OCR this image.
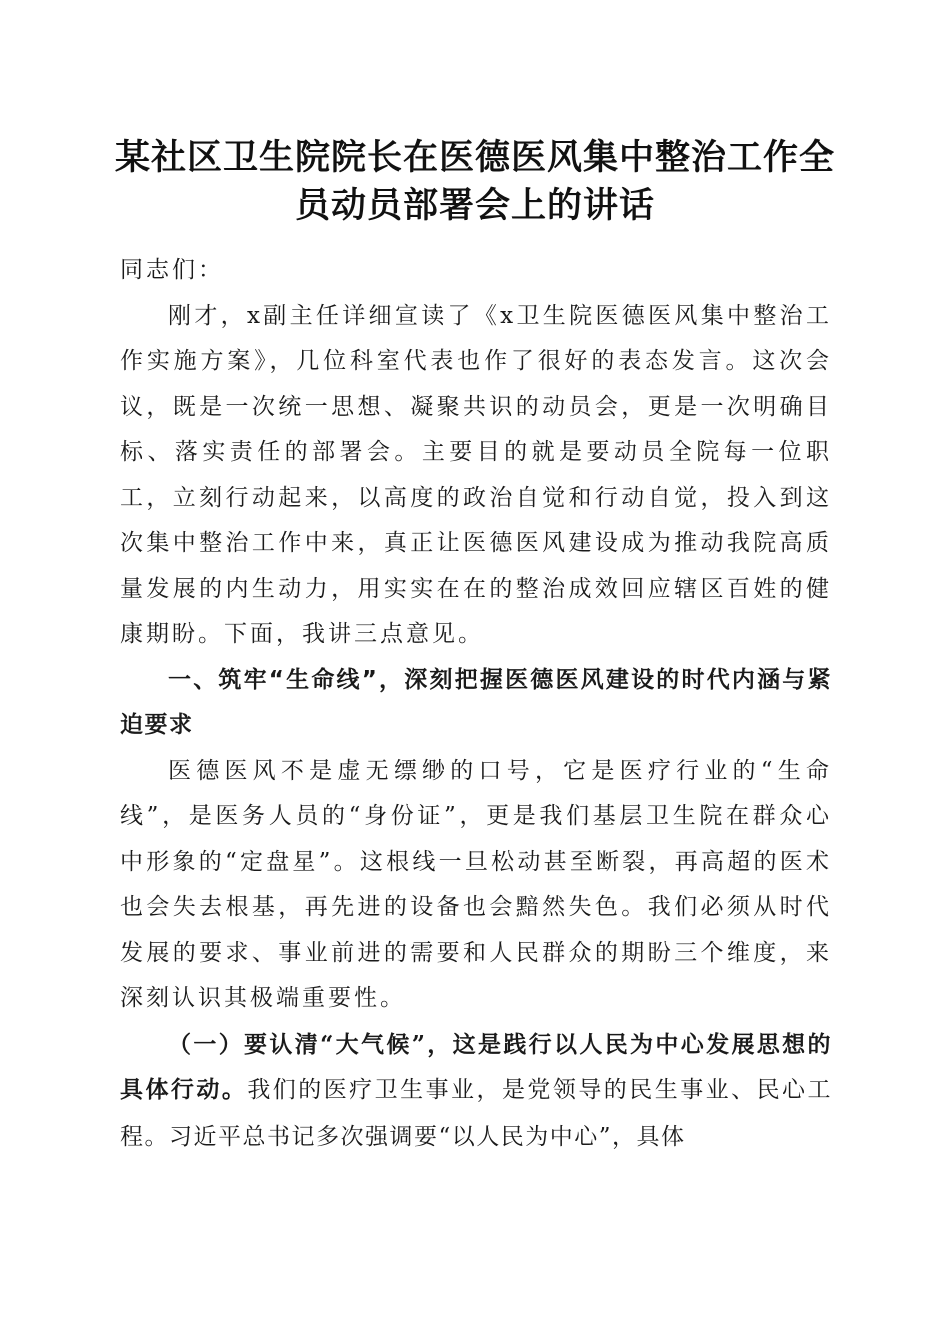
某社区卫生院院长在医德医风集中整治工作全员动员部署会上的讲话

同志们：

刚才，x副主任详细宣读了《x卫生院医德医风集中整治工作实施方案》，几位科室代表也作了很好的表态发言。这次会议，既是一次统一思想、凝聚共识的动员会，更是一次明确目标、落实责任的部署会。主要目的就是要动员全院每一位职工，立刻行动起来，以高度的政治自觉和行动自觉，投入到这次集中整治工作中来，真正让医德医风建设成为推动我院高质量发展的内生动力，用实实在在的整治成效回应辖区百姓的健康期盼。下面，我讲三点意见。

一、筑牢“生命线”，深刻把握医德医风建设的时代内涵与紧迫要求

医德医风不是虚无缥缈的口号，它是医疗行业的“生命线”，是医务人员的“身份证”，更是我们基层卫生院在群众心中形象的“定盘星”。这根线一旦松动甚至断裂，再高超的医术也会失去根基，再先进的设备也会黯然失色。我们必须从时代发展的要求、事业前进的需要和人民群众的期盼三个维度，来深刻认识其极端重要性。

（一）要认清“大气候”，这是践行以人民为中心发展思想的具体行动。我们的医疗卫生事业，是党领导的民生事业、民心工程。习近平总书记多次强调要“以人民为中心”，具体
